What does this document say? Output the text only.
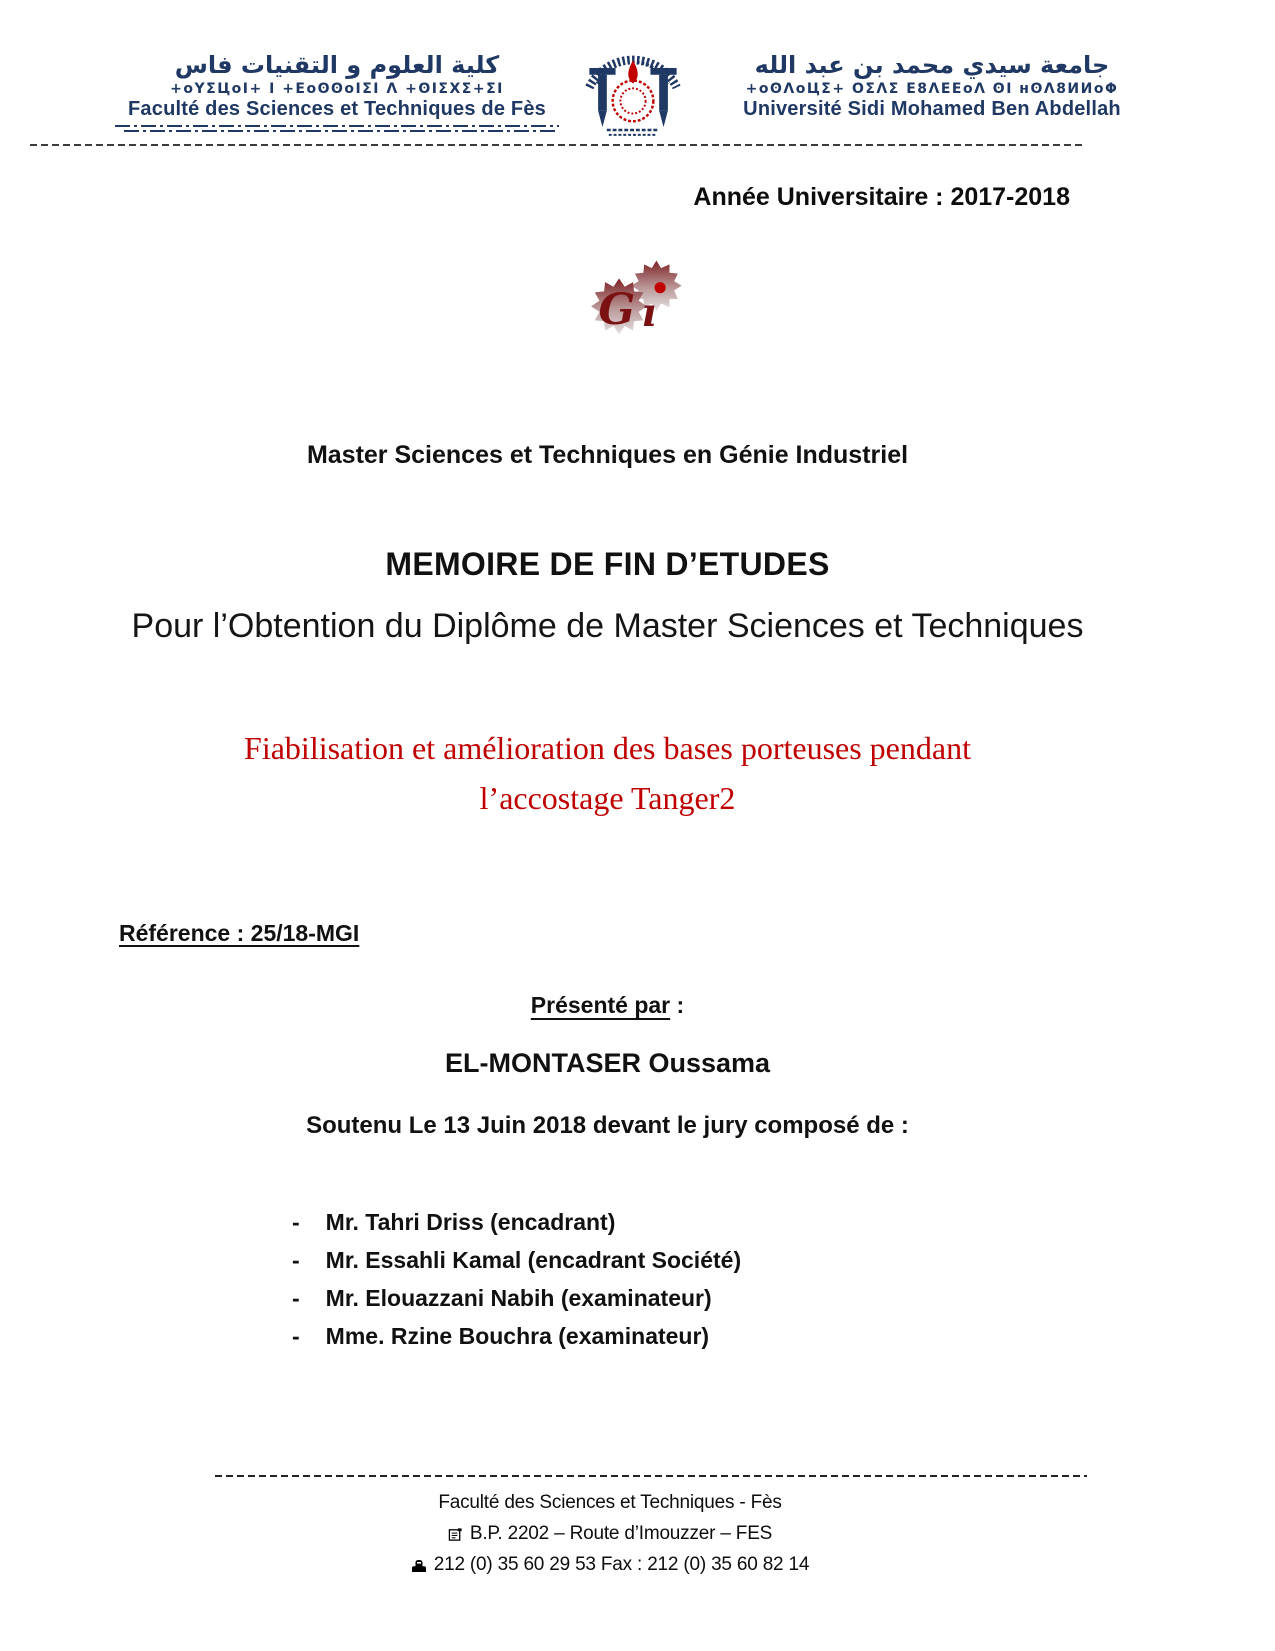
كلية العلوم و التقنيات فاس
+oYΣЦoI+ I +ΕoʘʘoIΣI Λ +ʘIΣΧΣ+ΣI
Faculté des Sciences et Techniques de Fès
جامعة سيدي محمد بن عبد الله
+oʘΛoЦΣ+ ΟΣΛΣ Ε8ΛΕΕoΛ ʘI ʜʘΛ8ИИoΦ
Université Sidi Mohamed Ben Abdellah
Année Universitaire : 2017-2018
G ı
Master Sciences et Techniques en Génie Industriel
MEMOIRE DE FIN D’ETUDES
Pour l’Obtention du Diplôme de Master Sciences et Techniques
Fiabilisation et amélioration des bases porteuses pendant
l’accostage Tanger2
Référence : 25/18-MGI
Présenté par :
EL-MONTASER Oussama
Soutenu Le 13 Juin 2018 devant le jury composé de :
- Mr. Tahri Driss (encadrant)
- Mr. Essahli Kamal (encadrant Société)
- Mr. Elouazzani Nabih (examinateur)
- Mme. Rzine Bouchra (examinateur)
Faculté des Sciences et Techniques - Fès
B.P. 2202 – Route d’Imouzzer – FES
212 (0) 35 60 29 53 Fax : 212 (0) 35 60 82 14
